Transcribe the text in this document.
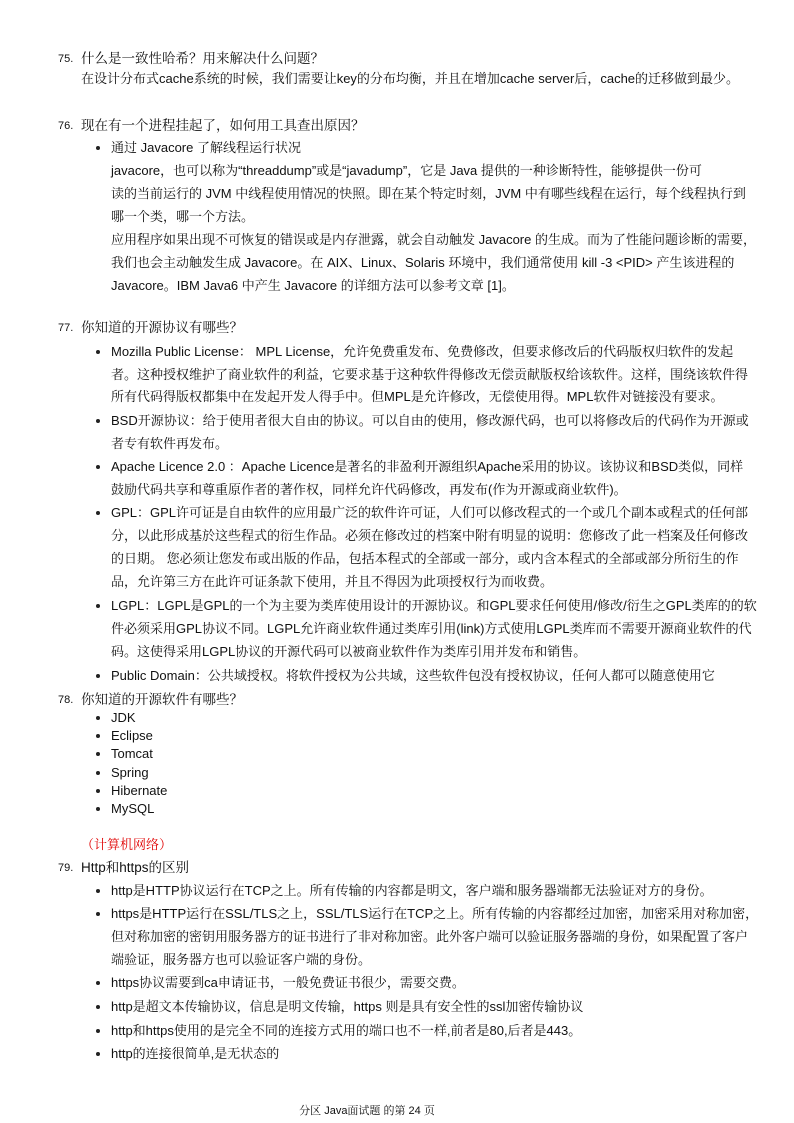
75. 什么是一致性哈希？用来解决什么问题？
在设计分布式cache系统的时候，我们需要让key的分布均衡，并且在增加cache server后，cache的迁移做到最少。
76. 现在有一个进程挂起了，如何用工具查出原因？
通过 Javacore 了解线程运行状况
javacore，也可以称为“threaddump”或是“javadump”，它是 Java 提供的一种诊断特性，能够提供一份可
读的当前运行的 JVM 中线程使用情况的快照。即在某个特定时刻，JVM 中有哪些线程在运行，每个线程执行到
哪一个类，哪一个方法。
应用程序如果出现不可恢复的错误或是内存泄露，就会自动触发 Javacore 的生成。而为了性能问题诊断的需要，
我们也会主动触发生成 Javacore。在 AIX、Linux、Solaris 环境中，我们通常使用 kill -3 <PID> 产生该进程的
Javacore。IBM Java6 中产生 Javacore 的详细方法可以参考文章 [1]。
77. 你知道的开源协议有哪些？
Mozilla Public License： MPL License，允许免费重发布、免费修改，但要求修改后的代码版权归软件的发起
者。这种授权维护了商业软件的利益，它要求基于这种软件得修改无偿贡献版权给该软件。这样，围绕该软件得
所有代码得版权都集中在发起开发人得手中。但MPL是允许修改，无偿使用得。MPL软件对链接没有要求。
BSD开源协议：给于使用者很大自由的协议。可以自由的使用，修改源代码，也可以将修改后的代码作为开源或
者专有软件再发布。
Apache Licence 2.0 ：Apache Licence是著名的非盈利开源组织Apache采用的协议。该协议和BSD类似，同样
鼓励代码共享和尊重原作者的著作权，同样允许代码修改，再发布(作为开源或商业软件)。
GPL：GPL许可证是自由软件的应用最广泛的软件许可证，人们可以修改程式的一个或几个副本或程式的任何部
分，以此形成基於这些程式的衍生作品。必须在修改过的档案中附有明显的说明：您修改了此一档案及任何修改
的日期。 您必须让您发布或出版的作品，包括本程式的全部或一部分，或内含本程式的全部或部分所衍生的作
品，允许第三方在此许可证条款下使用，并且不得因为此项授权行为而收费。
LGPL：LGPL是GPL的一个为主要为类库使用设计的开源协议。和GPL要求任何使用/修改/衍生之GPL类库的的软
件必须采用GPL协议不同。LGPL允许商业软件通过类库引用(link)方式使用LGPL类库而不需要开源商业软件的代
码。这使得采用LGPL协议的开源代码可以被商业软件作为类库引用并发布和销售。
Public Domain：公共域授权。将软件授权为公共域，这些软件包没有授权协议，任何人都可以随意使用它
78. 你知道的开源软件有哪些？
JDK
Eclipse
Tomcat
Spring
Hibernate
MySQL
（计算机网络）
79. Http和https的区别
http是HTTP协议运行在TCP之上。所有传输的内容都是明文，客户端和服务器端都无法验证对方的身份。
https是HTTP运行在SSL/TLS之上，SSL/TLS运行在TCP之上。所有传输的内容都经过加密，加密采用对称加密，
但对称加密的密钥用服务器方的证书进行了非对称加密。此外客户端可以验证服务器端的身份，如果配置了客户
端验证，服务器方也可以验证客户端的身份。
https协议需要到ca申请证书，一般免费证书很少，需要交费。
http是超文本传输协议，信息是明文传输，https 则是具有安全性的ssl加密传输协议
http和https使用的是完全不同的连接方式用的端口也不一样,前者是80,后者是443。
http的连接很简单,是无状态的
分区 Java面试题 的第 24 页
